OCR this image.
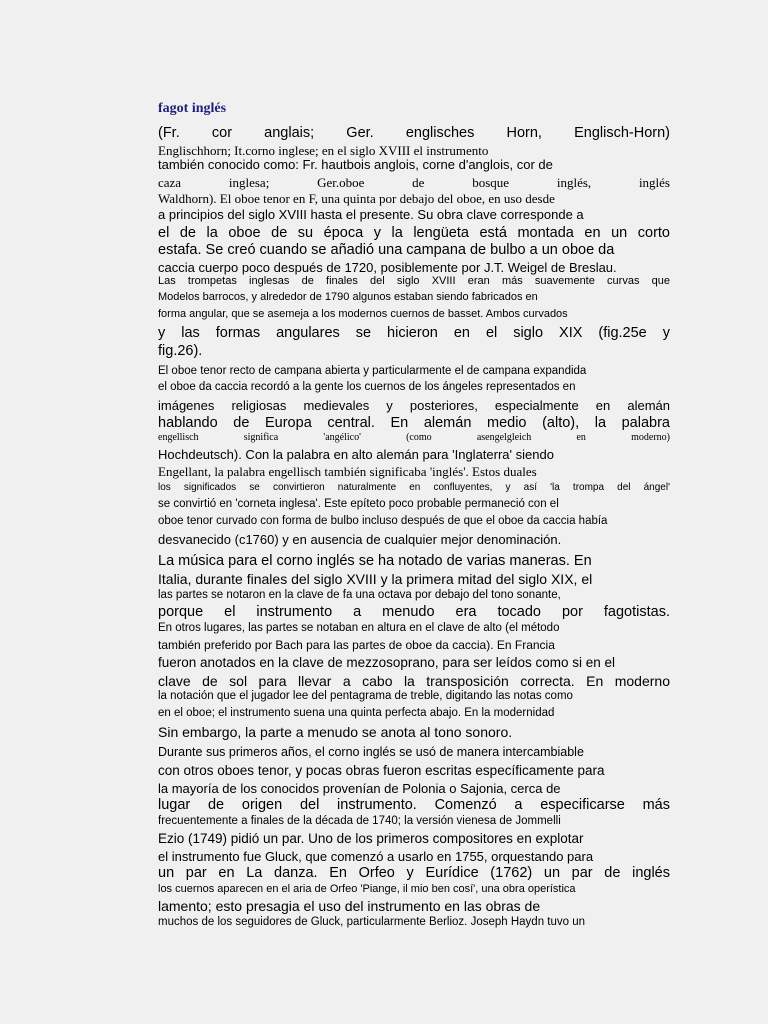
fagot inglés

(Fr. cor anglais; Ger. englisches Horn, Englisch-Horn)

Englischhorn; It.corno inglese; en el siglo XVIII el instrumento

también conocido como: Fr. hautbois anglois, corne d'anglois, cor de

caza inglesa; Ger.oboe de bosque inglés, inglés

Waldhorn). El oboe tenor en F, una quinta por debajo del oboe, en uso desde

a principios del siglo XVIII hasta el presente. Su obra clave corresponde a

el de la oboe de su época y la lengüeta está montada en un corto

estafa. Se creó cuando se añadió una campana de bulbo a un oboe da

caccia cuerpo poco después de 1720, posiblemente por J.T. Weigel de Breslau.

Las trompetas inglesas de finales del siglo XVIII eran más suavemente curvas que

Modelos barrocos, y alrededor de 1790 algunos estaban siendo fabricados en

forma angular, que se asemeja a los modernos cuernos de basset. Ambos curvados

y las formas angulares se hicieron en el siglo XIX (fig.25e y

fig.26).

El oboe tenor recto de campana abierta y particularmente el de campana expandida

el oboe da caccia recordó a la gente los cuernos de los ángeles representados en

imágenes religiosas medievales y posteriores, especialmente en alemán

hablando de Europa central. En alemán medio (alto), la palabra

engellisch significa 'angélico' (como asengelgleich en moderno)

Hochdeutsch). Con la palabra en alto alemán para 'Inglaterra' siendo

Engellant, la palabra engellisch también significaba 'inglés'. Estos duales

los significados se convirtieron naturalmente en confluyentes, y así 'la trompa del ángel'

se convirtió en 'corneta inglesa'. Este epíteto poco probable permaneció con el

oboe tenor curvado con forma de bulbo incluso después de que el oboe da caccia había

desvanecido (c1760) y en ausencia de cualquier mejor denominación.

La música para el corno inglés se ha notado de varias maneras. En

Italia, durante finales del siglo XVIII y la primera mitad del siglo XIX, el

las partes se notaron en la clave de fa una octava por debajo del tono sonante,

porque el instrumento a menudo era tocado por fagotistas.

En otros lugares, las partes se notaban en altura en el clave de alto (el método

también preferido por Bach para las partes de oboe da caccia). En Francia

fueron anotados en la clave de mezzosoprano, para ser leídos como si en el

clave de sol para llevar a cabo la transposición correcta. En moderno

la notación que el jugador lee del pentagrama de treble, digitando las notas como

en el oboe; el instrumento suena una quinta perfecta abajo. En la modernidad

Sin embargo, la parte a menudo se anota al tono sonoro.

Durante sus primeros años, el corno inglés se usó de manera intercambiable

con otros oboes tenor, y pocas obras fueron escritas específicamente para

la mayoría de los conocidos provenían de Polonia o Sajonia, cerca de

lugar de origen del instrumento. Comenzó a especificarse más

frecuentemente a finales de la década de 1740; la versión vienesa de Jommelli

Ezio (1749) pidió un par. Uno de los primeros compositores en explotar

el instrumento fue Gluck, que comenzó a usarlo en 1755, orquestando para

un par en La danza. En Orfeo y Eurídice (1762) un par de inglés

los cuernos aparecen en el aria de Orfeo 'Piange, il mio ben cosí', una obra operística

lamento; esto presagia el uso del instrumento en las obras de

muchos de los seguidores de Gluck, particularmente Berlioz. Joseph Haydn tuvo un
